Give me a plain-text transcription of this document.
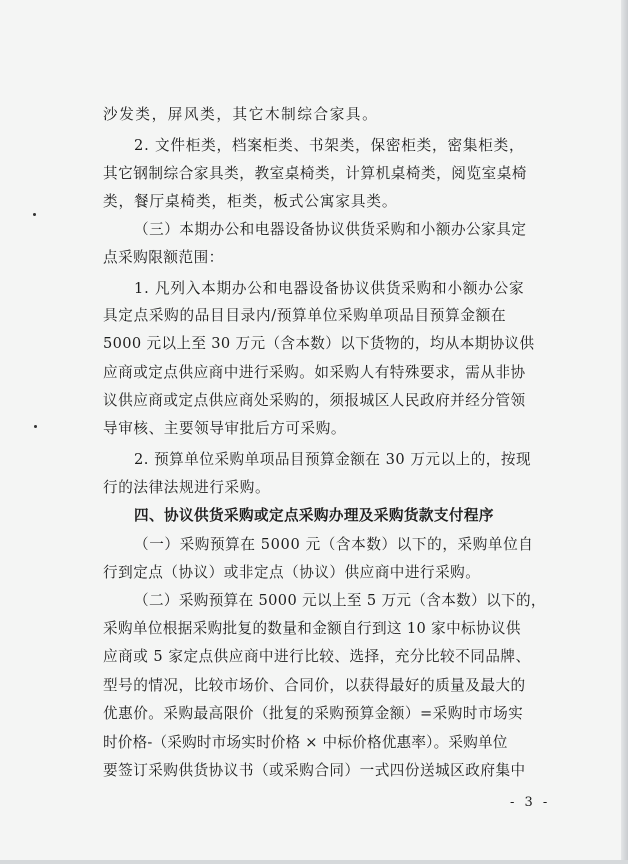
沙发类，屏风类，其它木制综合家具。
2. 文件柜类，档案柜类、书架类，保密柜类，密集柜类，
其它钢制综合家具类，教室桌椅类，计算机桌椅类，阅览室桌椅
类，餐厅桌椅类，柜类，板式公寓家具类。
（三）本期办公和电器设备协议供货采购和小额办公家具定
点采购限额范围：
1. 凡列入本期办公和电器设备协议供货采购和小额办公家
具定点采购的品目目录内/预算单位采购单项品目预算金额在
5000 元以上至 30 万元（含本数）以下货物的，均从本期协议供
应商或定点供应商中进行采购。如采购人有特殊要求，需从非协
议供应商或定点供应商处采购的，须报城区人民政府并经分管领
导审核、主要领导审批后方可采购。
2. 预算单位采购单项品目预算金额在 30 万元以上的，按现
行的法律法规进行采购。
四、协议供货采购或定点采购办理及采购货款支付程序
（一）采购预算在 5000 元（含本数）以下的，采购单位自
行到定点（协议）或非定点（协议）供应商中进行采购。
（二）采购预算在 5000 元以上至 5 万元（含本数）以下的，
采购单位根据采购批复的数量和金额自行到这 10 家中标协议供
应商或 5 家定点供应商中进行比较、选择，充分比较不同品牌、
型号的情况，比较市场价、合同价，以获得最好的质量及最大的
优惠价。采购最高限价（批复的采购预算金额）=采购时市场实
时价格-（采购时市场实时价格 × 中标价格优惠率）。采购单位
要签订采购供货协议书（或采购合同）一式四份送城区政府集中
- 3 -
